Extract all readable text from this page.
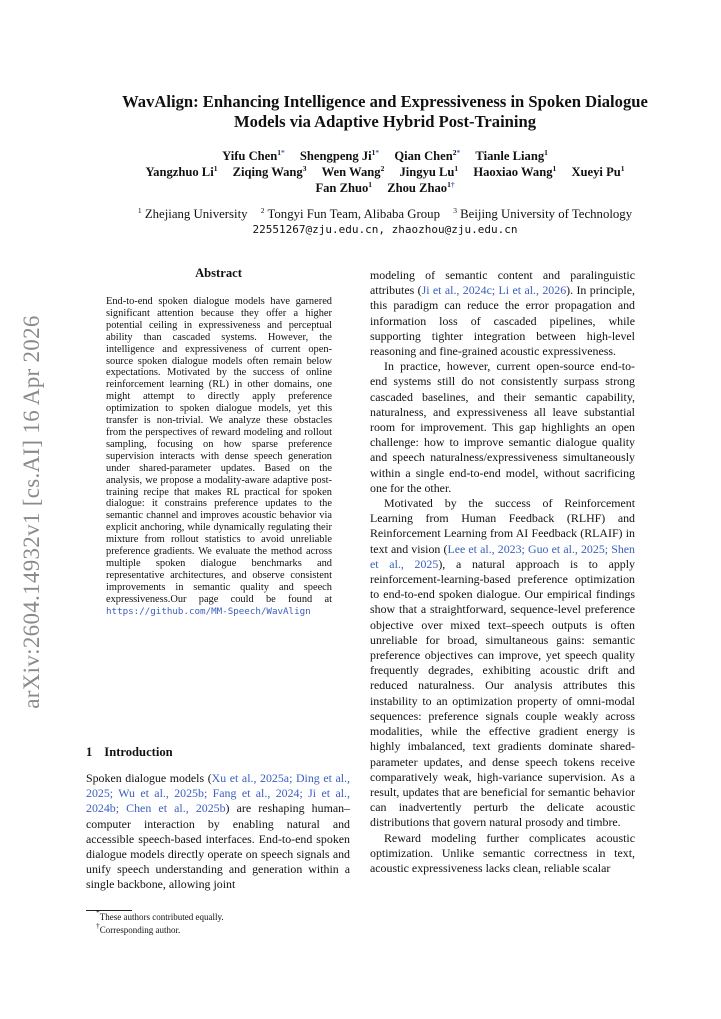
arXiv:2604.14932v1 [cs.AI] 16 Apr 2026
WavAlign: Enhancing Intelligence and Expressiveness in Spoken Dialogue
Models via Adaptive Hybrid Post-Training
Yifu Chen$^{1*}$ Shengpeng $Ji^{1*}$ Qian Chen$^{2*}$ Tianle Liang$^1$
Yangzhuo Li$^1$ Ziqing Wang$^3$ Wen Wang$^2$ Jingyu Lu$^1$ Haoxiao Wang$^1$ Xueyi Pu$^1$
Fan Zhuo$^1$ Zhou Zhao$^{1\dagger}$
$^1$ Zhejiang University $^2$ Tongyi Fun Team, Alibaba Group $^3$ Beijing University of Technology
22551267@zju.edu.cn, zhaozhou@zju.edu.cn
Abstract
End-to-end spoken dialogue models have garnered significant attention because they offer a higher potential ceiling in expressiveness and perceptual ability than cascaded systems. However, the intelligence and expressiveness of current open-source spoken dialogue models often remain below expectations. Motivated by the success of online reinforcement learning (RL) in other domains, one might attempt to directly apply preference optimization to spoken dialogue models, yet this transfer is non-trivial. We analyze these obstacles from the perspectives of reward modeling and rollout sampling, focusing on how sparse preference supervision interacts with dense speech generation under shared-parameter updates. Based on the analysis, we propose a modality-aware adaptive post-training recipe that makes RL practical for spoken dialogue: it constrains preference updates to the semantic channel and improves acoustic behavior via explicit anchoring, while dynamically regulating their mixture from rollout statistics to avoid unreliable preference gradients. We evaluate the method across multiple spoken dialogue benchmarks and representative architectures, and observe consistent improvements in semantic quality and speech expressiveness.Our page could be found at https://github.com/MM-Speech/WavAlign
1 Introduction
Spoken dialogue models (Xu et al., 2025a; Ding et al., 2025; Wu et al., 2025b; Fang et al., 2024; Ji et al., 2024b; Chen et al., 2025b) are reshaping human–computer interaction by enabling natural and accessible speech-based interfaces. End-to-end spoken dialogue models directly operate on speech signals and unify speech understanding and generation within a single backbone, allowing joint
*These authors contributed equally.
†Corresponding author.

modeling of semantic content and paralinguistic attributes (Ji et al., 2024c; Li et al., 2026). In principle, this paradigm can reduce the error propagation and information loss of cascaded pipelines, while supporting tighter integration between high-level reasoning and fine-grained acoustic expressiveness.

In practice, however, current open-source end-to-end systems still do not consistently surpass strong cascaded baselines, and their semantic capability, naturalness, and expressiveness all leave substantial room for improvement. This gap highlights an open challenge: how to improve semantic dialogue quality and speech naturalness/expressiveness simultaneously within a single end-to-end model, without sacrificing one for the other.

Motivated by the success of Reinforcement Learning from Human Feedback (RLHF) and Reinforcement Learning from AI Feedback (RLAIF) in text and vision (Lee et al., 2023; Guo et al., 2025; Shen et al., 2025), a natural approach is to apply reinforcement-learning-based preference optimization to end-to-end spoken dialogue. Our empirical findings show that a straightforward, sequence-level preference objective over mixed text–speech outputs is often unreliable for broad, simultaneous gains: semantic preference objectives can improve, yet speech quality frequently degrades, exhibiting acoustic drift and reduced naturalness. Our analysis attributes this instability to an optimization property of omni-modal sequences: preference signals couple weakly across modalities, while the effective gradient energy is highly imbalanced, text gradients dominate shared-parameter updates, and dense speech tokens receive comparatively weak, high-variance supervision. As a result, updates that are beneficial for semantic behavior can inadvertently perturb the delicate acoustic distributions that govern natural prosody and timbre.

Reward modeling further complicates acoustic optimization. Unlike semantic correctness in text, acoustic expressiveness lacks clean, reliable scalar
